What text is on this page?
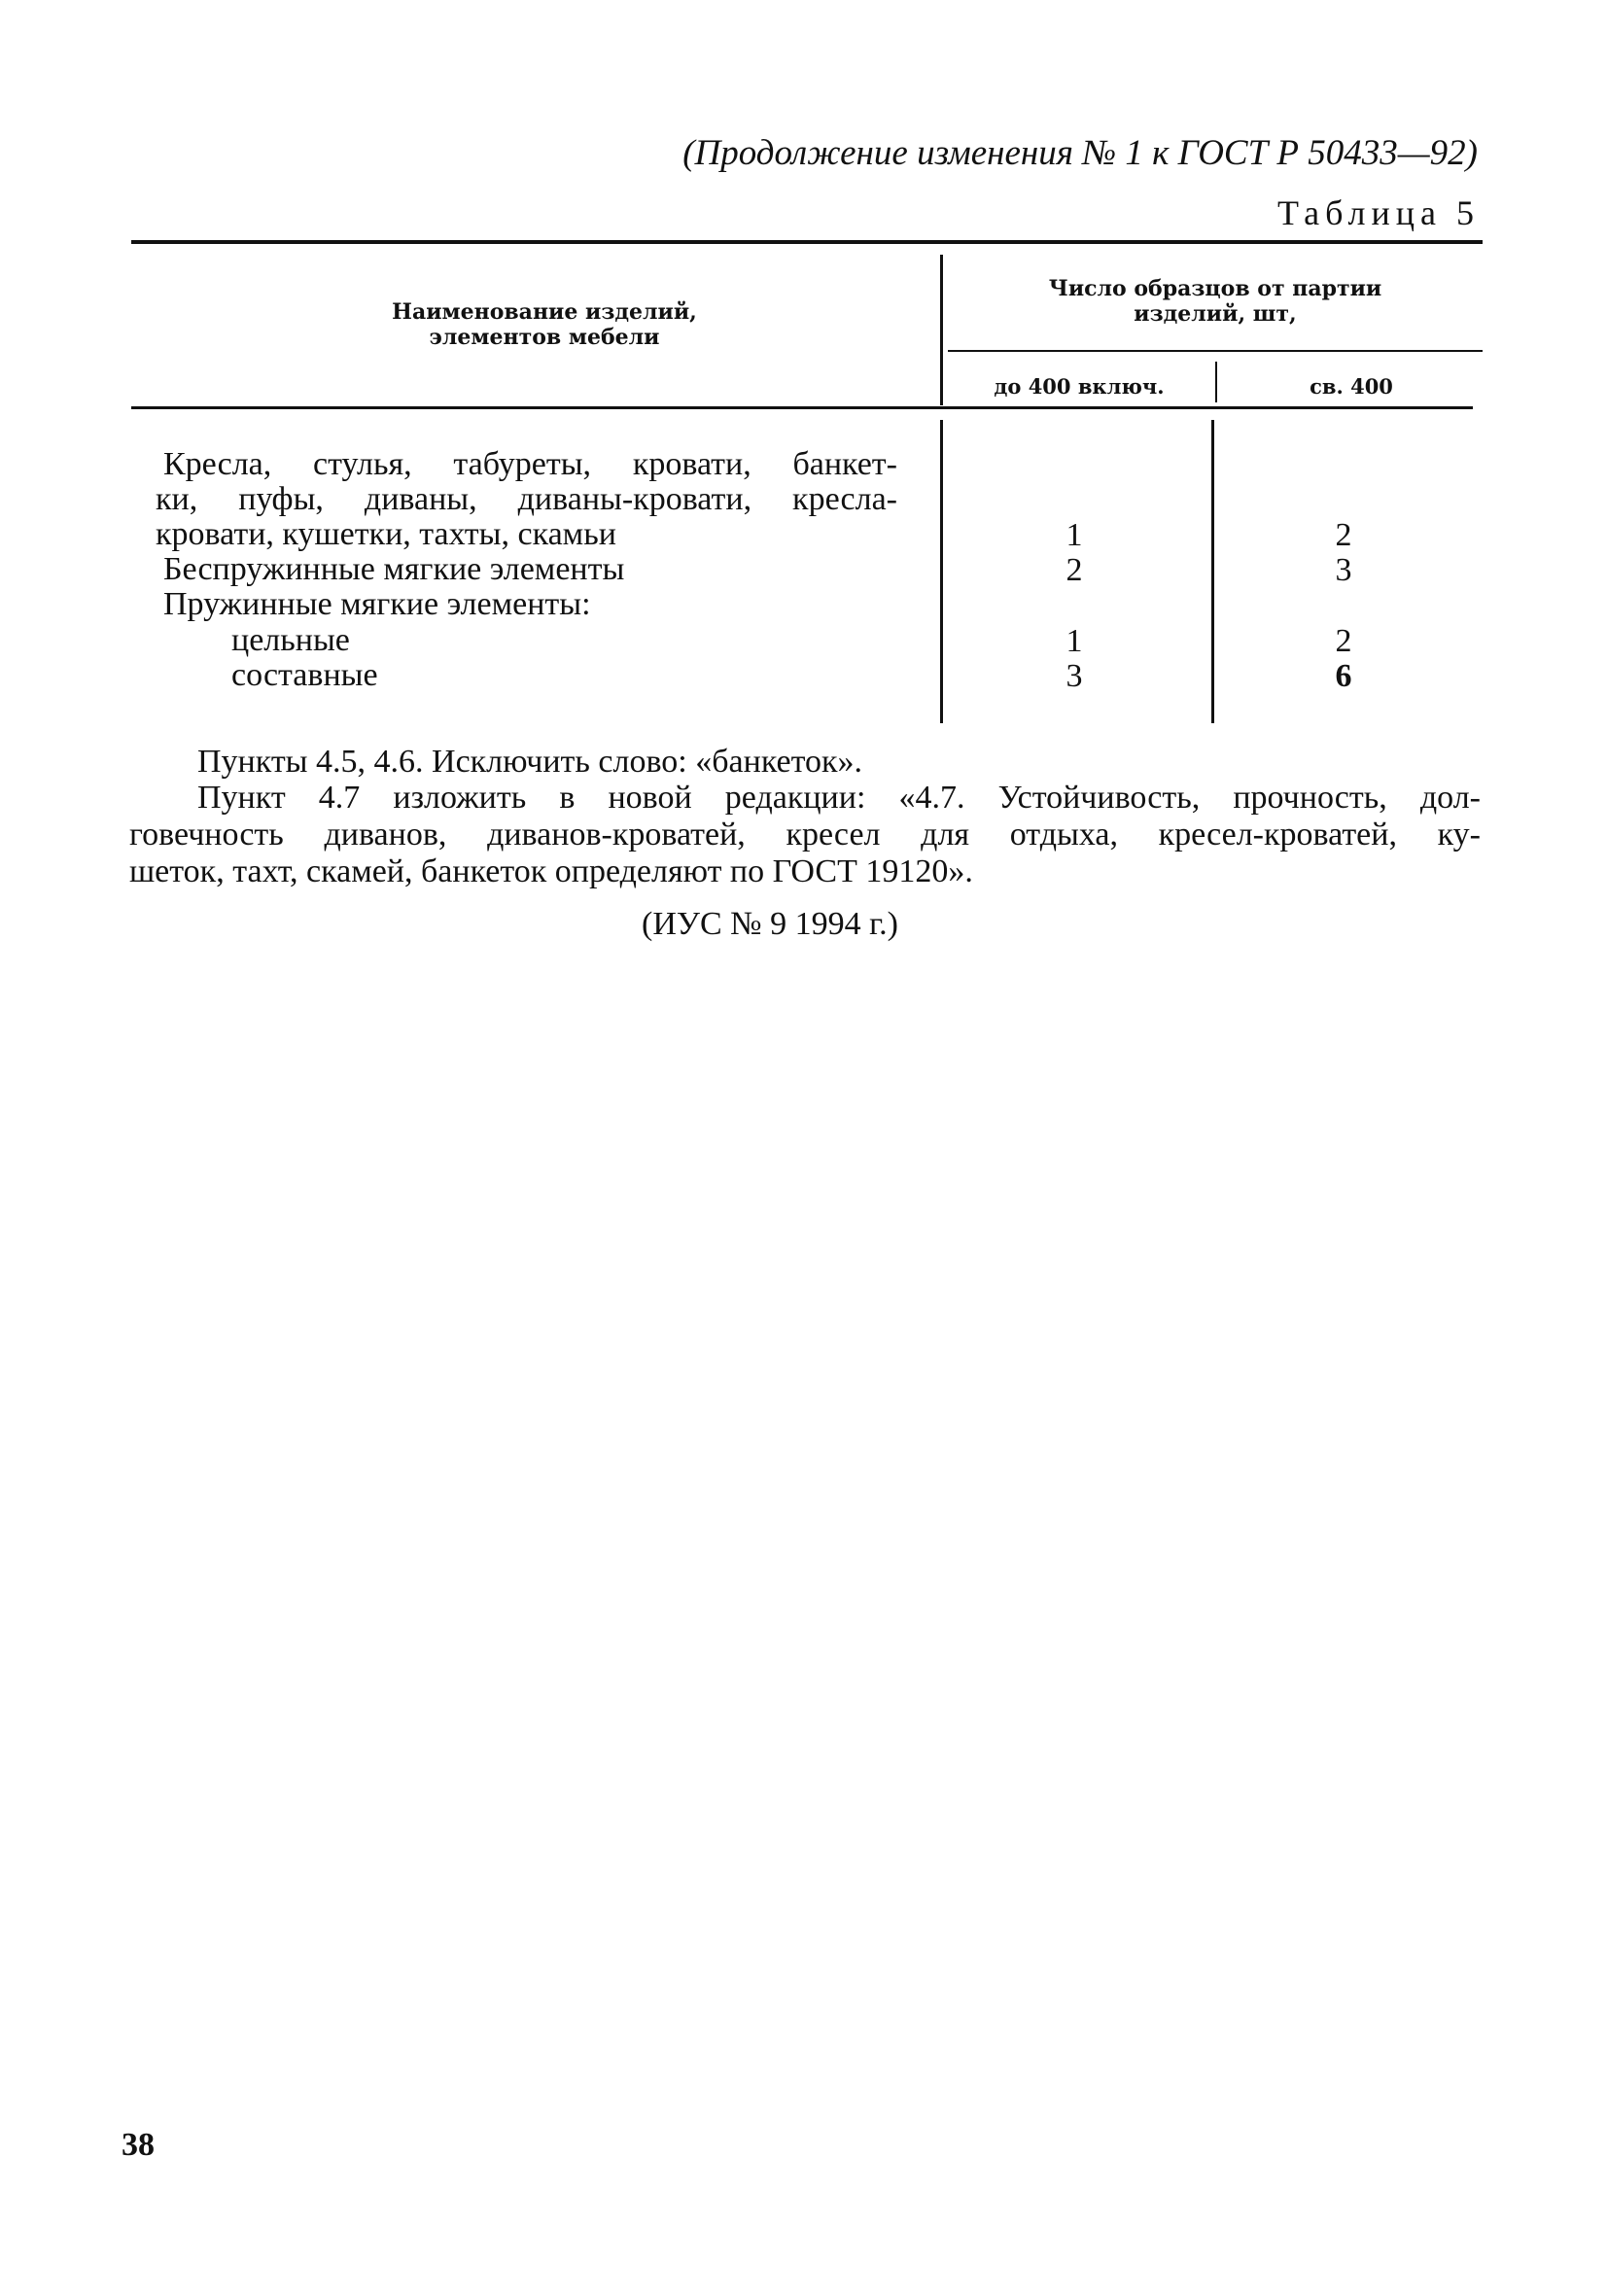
(Продолжение изменения № 1 к ГОСТ Р 50433—92)
Таблица 5
Наименование изделий,
элементов мебели
Число образцов от партии
изделий, шт,
до 400 включ.	св. 400
Кресла, стулья, табуреты, кровати, банкет-
ки, пуфы, диваны, диваны-кровати, кресла-
кровати, кушетки, тахты, скамьи	1	2
Беспружинные мягкие элементы	2	3
Пружинные мягкие элементы:
цельные	1	2
составные	3	6
Пункты 4.5, 4.6. Исключить слово: «банкеток».
Пункт 4.7 изложить в новой редакции: «4.7. Устойчивость, прочность, дол-
говечность диванов, диванов-кроватей, кресел для отдыха, кресел-кроватей, ку-
шеток, тахт, скамей, банкеток определяют по ГОСТ 19120».
(ИУС № 9 1994 г.)
38
